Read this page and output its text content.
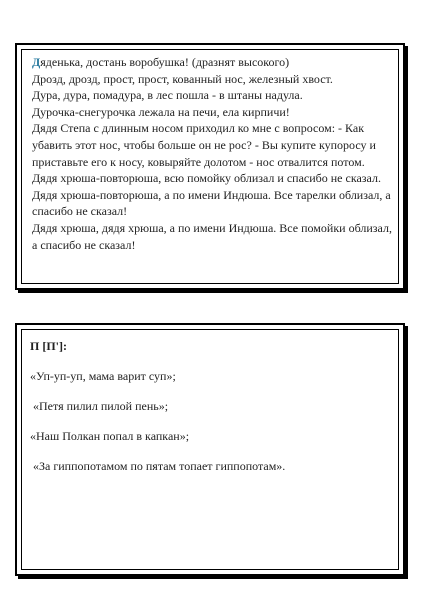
Дяденька, достань воробушка! (дразнят высокого)

Дрозд, дрозд, прост, прост, кованный нос, железный хвост.

Дура, дура, помадура, в лес пошла - в штаны надула.

Дурочка-снегурочка лежала на печи, ела кирпичи!

Дядя Степа с длинным носом приходил ко мне с вопросом: - Как убавить этот нос, чтобы больше он не рос? - Вы купите купоросу и приставьте его к носу, ковыряйте долотом - нос отвалится потом.

Дядя хрюша-повторюша, всю помойку облизал и спасибо не сказал.

Дядя хрюша-повторюша, а по имени Индюша. Все тарелки облизал, а спасибо не сказал!

Дядя хрюша, дядя хрюша, а по имени Индюша. Все помойки облизал, а спасибо не сказал!

П [П']:

«Уп-уп-уп, мама варит суп»;

«Петя пилил пилой пень»;

«Наш Полкан попал в капкан»;

«За гиппопотамом по пятам топает гиппопотам».
